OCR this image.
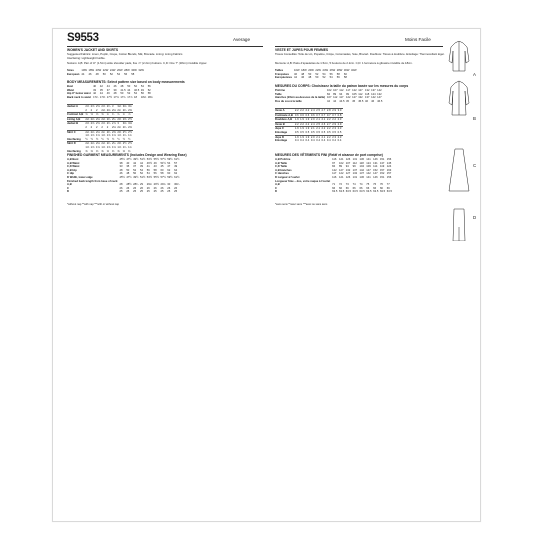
S9553	Average
WOMEN'S JACKET AND SKIRTS
Suggested Fabrics: Linen, Poplin, Crepe, Cotton Blends, Silk, Brocade. Lining: Lining Fabrics
Interfacing: Lightweight fusible.
Notions: A,B: Pair of ⅜" (1.5cm) wide shoulder pads, five ⅞" (2.2cm) buttons. C,D: One 7" (18cm) invisible zipper.
Sizes	10W	18W	20W	22W	24W	26W	28W	30W	32W
European	44	46	48	50	52	54	56	58	
BODY MEASUREMENTS: Select pattern size based on body measurements
Bust	40	42	44	46	48	50	52	54	56
Waist	33	35	37	39	41.5	44	46.5	49	52
Hip 9" below waist	42	44	46	48	50	52	54	56	58
Back neck to waist	17¼	17⅜	17½	17⅝	17¾	17⅞	18	18⅛	18¼
Jacket A	2⅝	2⅝	2⅝	2⅝	2¾	3	3⅛	3⅛	3¼
	2	2	2	2⅛	2⅛	2⅛	2¼	2¼	2⅜
Contrast A,B	⅝	⅝	⅝	⅝	¾	¾	¾	¾	⅞
Lining A,B	2⅛	2⅛	2⅛	2⅛	2¼	2¼	2⅜	2⅜	2½
Jacket B	2⅝	2⅝	2⅝	2⅝	2¾	2⅞	3	3⅛	3⅛
	2	2	2	2	2	2⅛	2¼	2¼	2⅜
Skirt C	2⅛	2⅛	2⅛	2¼	2¼	2⅜	2⅜	2½	2½
	1⅝	1⅝	1⅝	1⅝	1⅝	1⅝	1⅝	1¾	1¾
Interfacing	½	½	½	½	½	½	½	½	½
Skirt D	2⅛	2⅛	2⅛	2⅛	2¼	2¼	2⅜	2½	2½
	1⅝	1⅝	1⅝	1⅝	1⅝	1⅝	1⅝	1¾	1¾
Interfacing	⅜	⅜	⅜	⅜	⅜	⅜	⅜	⅜	⅜
FINISHED GARMENT MEASUREMENTS (Includes Design and Wearing Ease)
A,B Bust	45½	47½	49½	51½	53½	55½	57½	59½	61½
A,B Waist	38	40	42	44	46½	49	51½	54	57
C,D Waist	33	35	37	39	41	43	45	47	49
A,B Hip	48	50	52	54	56	58	60	62	64
C Hip	46	48	50	52	54	56	58	60	62
D Width, lower edge	45½	47½	49½	51½	53½	55½	57½	59½	61½
Finished back length from base of neck									
A,B	28	28½	28¾	29	29¼	29½	29¾	30	30¼
C	26	26	26	26	26	26	26	26	26
D	25	25	25	25	25	25	25	25	25
*without nap **with nap ***with or without nap
Moins Facile
VESTE ET JUPES POUR FEMMES
Tissus Conseillés: Toile de Lin, Popeline, Crêpe, Cotonnades, Soie, Brocart. Doublure: Tissus à doublure. Entoilage: Thermocollant léger.
Mercerie: A,B: Paire d'épaulettes de 1.5cm, 5 boutons de 2.2cm. C,D: 1 fermeture à glissière invisible de 18cm.
Tailles	10W	18W	20W	22W	24W	26W	28W	30W	32W
Françaises	46	48	50	52	54	56	58	60	
Européennes	44	46	48	50	52	54	56	58	
MESURES DU CORPS: Choisissez la taille du patron basée sur les mesures du corps
Poitrine	102	107	112	117	122	127	132	137	142
Taille	84	89	94	99	105	112	118	124	132
Hanches (23cm au-dessous de la taille)	107	112	117	122	127	132	137	142	147
Dos du cou à la taille	44	44	44.5	45	45	45.5	46	46	46.5
Veste A	2.2	2.2	2.2	2.4	2.5	2.7	2.8	2.9	3.0
Contraste A,B	0.6	0.6	0.6	0.6	0.7	0.7	0.7	0.7	0.8
Doublure A,B	1.9	1.9	1.9	2.0	2.1	2.1	2.2	2.2	2.3
Veste B	2.2	2.2	2.2	2.4	2.5	2.6	2.7	2.9	2.9
Jupe C	1.9	1.9	1.9	2.1	2.1	2.2	2.2	2.3	2.3
Entoilage	0.5	0.5	0.5	0.5	0.5	0.5	0.5	0.5	0.5
Jupe D	1.9	1.9	1.9	2.0	2.1	2.1	2.2	2.3	2.3
Entoilage	0.4	0.4	0.4	0.4	0.4	0.4	0.4	0.4	0.4
MESURES DES VÊTEMENTS FINI (Relâf et aisance de port comprise)
A,B Poitrine	116	121	126	131	136	141	146	151	156
A,B Taille	97	102	107	112	118	124	131	137	145
C,D Taille	84	89	94	99	104	109	114	119	124
A,B Hanches	122	127	132	137	142	147	152	157	163
C Hanches	117	122	127	132	137	142	147	152	157
D Largeur à l'ourlet	116	121	126	131	136	141	146	151	156
Longueur finie – dos, votre nuque à l'ourlet									
A,B	71	72	73	74	74	75	76	76	77
C	66	66	66	66	66	66	66	66	66
D	63.5	63.5	63.5	63.5	63.5	63.5	63.5	63.5	63.5
*sans sens **avec sens ***avec ou sans sens
A
B
C
D
